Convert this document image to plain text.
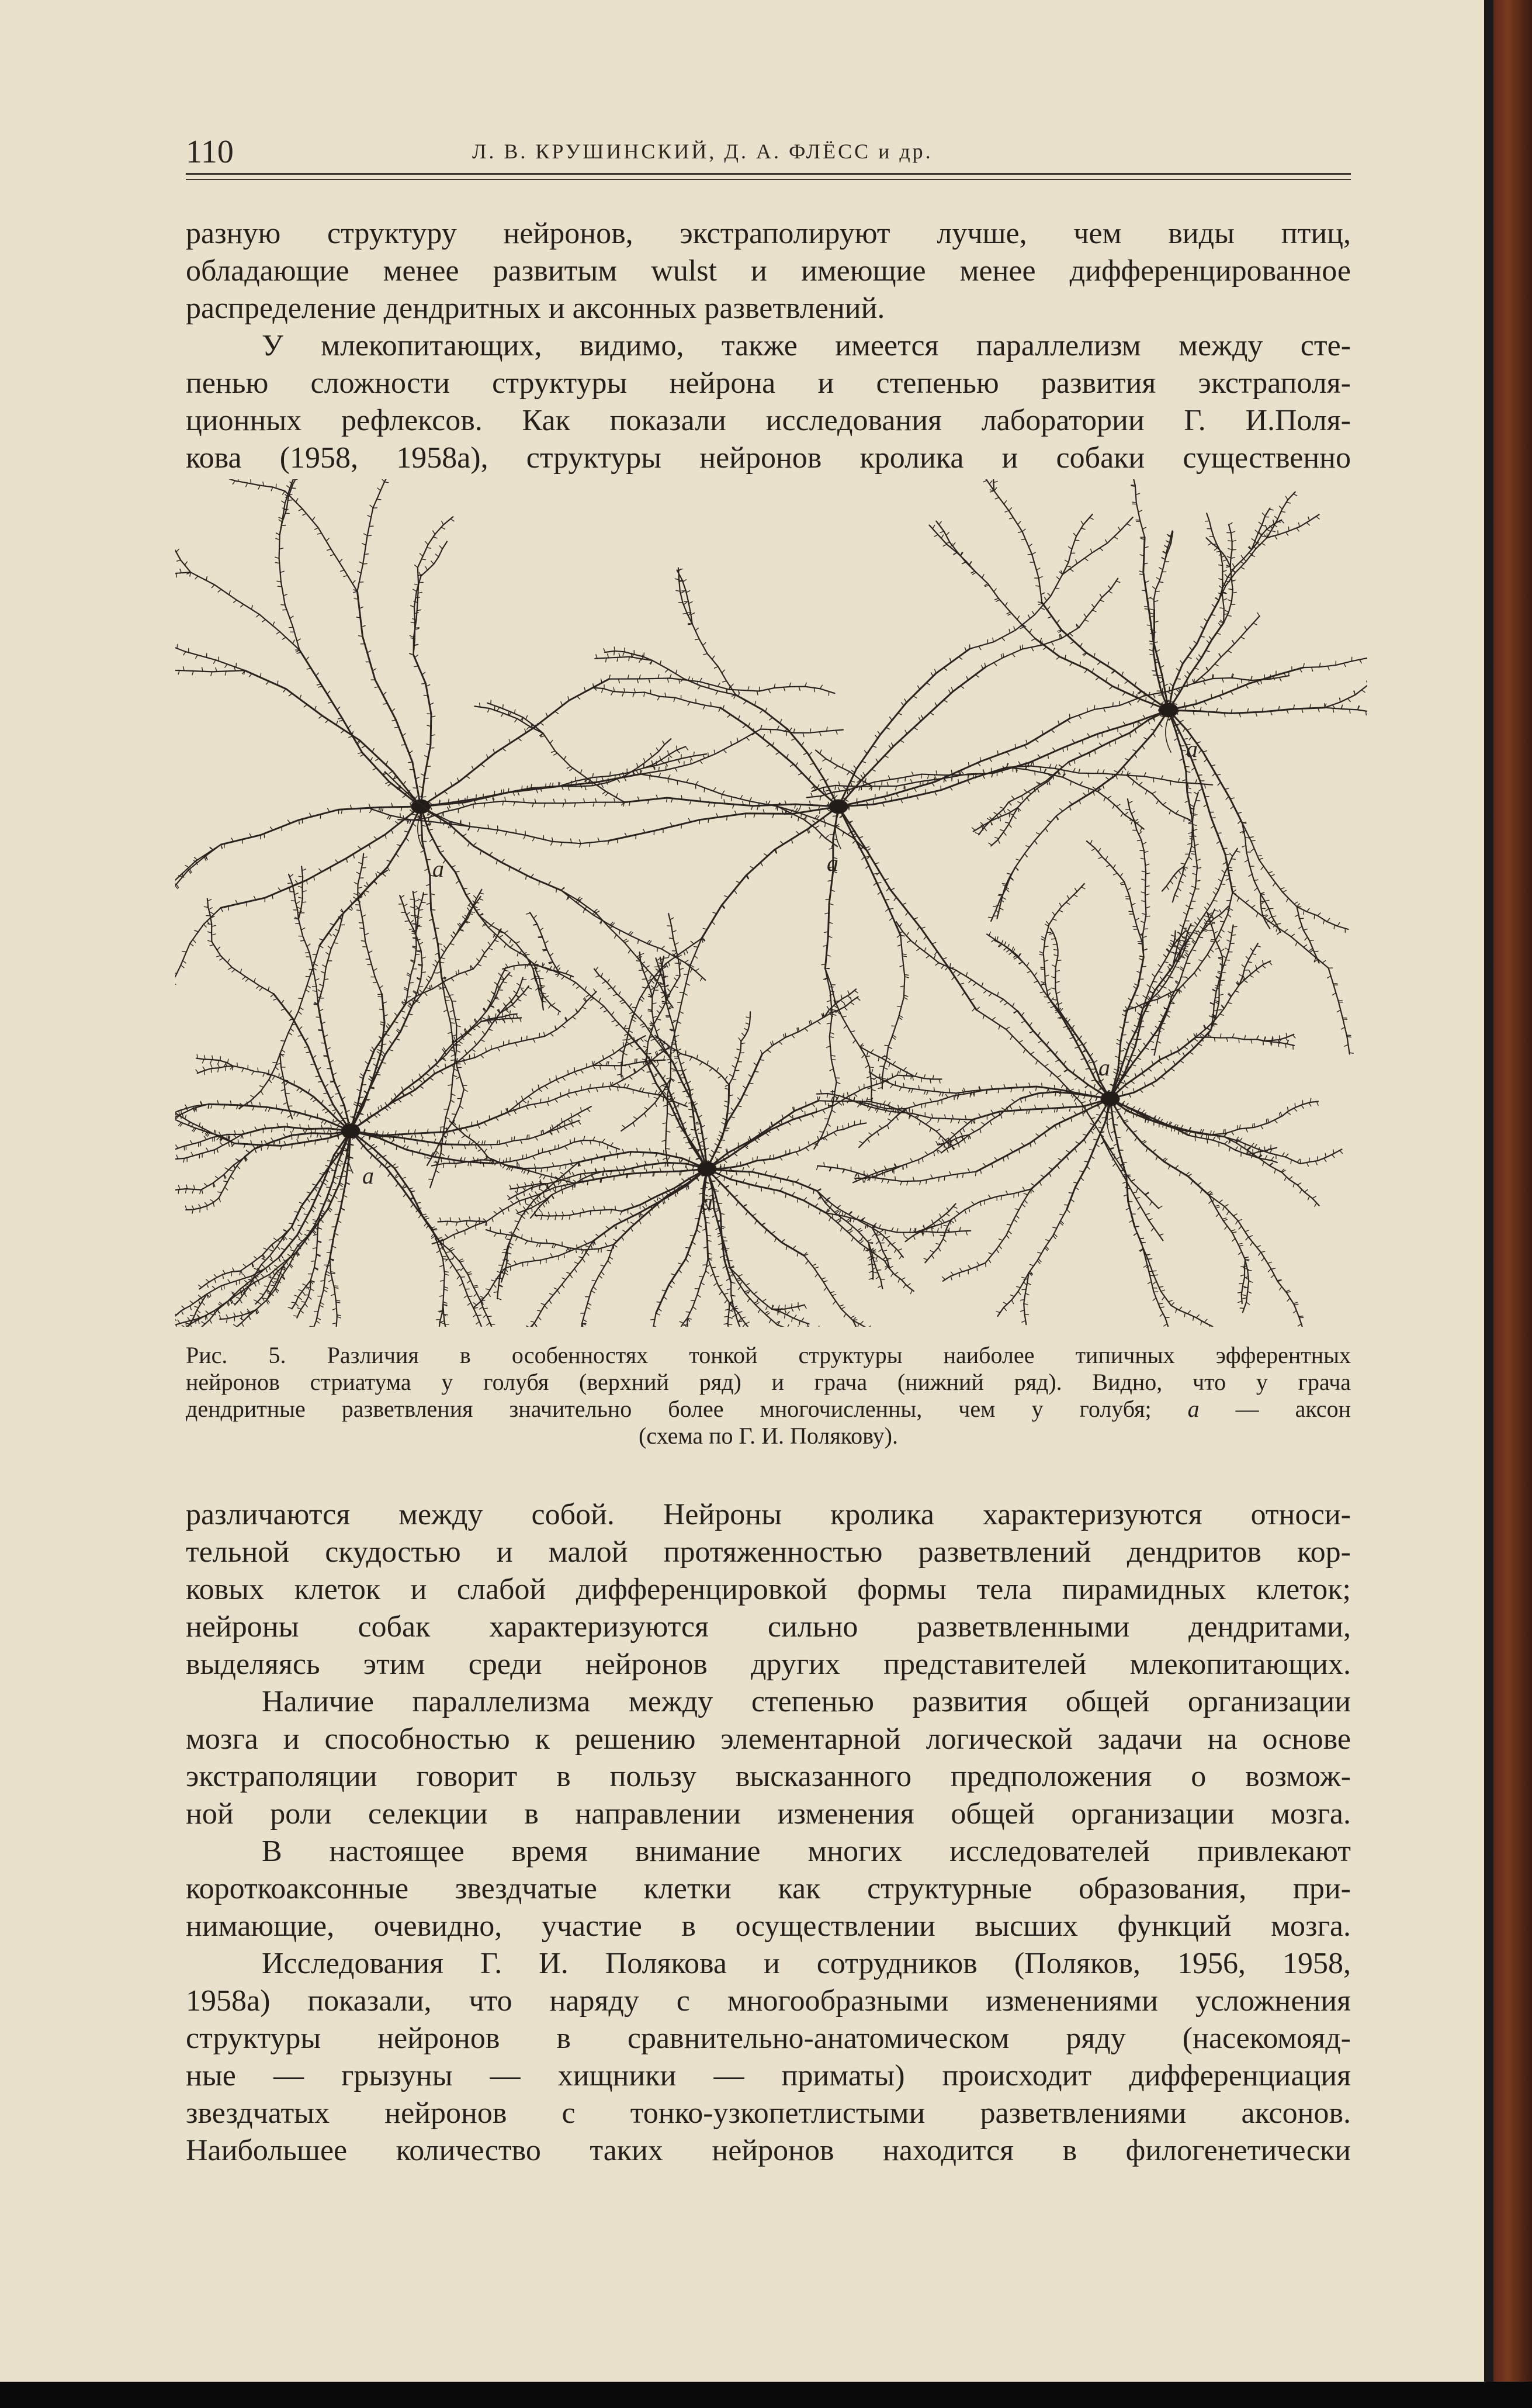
110	Л. В. КРУШИНСКИЙ, Д. А. ФЛЁСС и др.

разную структуру нейронов, экстраполируют лучше, чем виды птиц,

обладающие менее развитым wulst и имеющие менее дифференцированное

распределение дендритных и аксонных разветвлений.

У млекопитающих, видимо, также имеется параллелизм между сте-

пенью сложности структуры нейрона и степенью развития экстраполя-

ционных рефлексов. Как показали исследования лаборатории Г. И.Поля-

кова (1958, 1958а), структуры нейронов кролика и собаки существенно

a	a
a
a
a
a
Рис. 5. Различия в особенностях тонкой структуры наиболее типичных эфферентных
нейронов стриатума у голубя (верхний ряд) и грача (нижний ряд). Видно, что у грача
дендритные разветвления значительно более многочисленны, чем у голубя; а — аксон
(схема по Г. И. Полякову).

различаются между собой. Нейроны кролика характеризуются относи-

тельной скудостью и малой протяженностью разветвлений дендритов кор-

ковых клеток и слабой дифференцировкой формы тела пирамидных клеток;

нейроны собак характеризуются сильно разветвленными дендритами,

выделяясь этим среди нейронов других представителей млекопитающих.

Наличие параллелизма между степенью развития общей организации

мозга и способностью к решению элементарной логической задачи на основе

экстраполяции говорит в пользу высказанного предположения о возмож-

ной роли селекции в направлении изменения общей организации мозга.

В настоящее время внимание многих исследователей привлекают

короткоаксонные звездчатые клетки как структурные образования, при-

нимающие, очевидно, участие в осуществлении высших функций мозга.

Исследования Г. И. Полякова и сотрудников (Поляков, 1956, 1958,

1958а) показали, что наряду с многообразными изменениями усложнения

структуры нейронов в сравнительно-анатомическом ряду (насекомояд-

ные — грызуны — хищники — приматы) происходит дифференциация

звездчатых нейронов с тонко-узкопетлистыми разветвлениями аксонов.

Наибольшее количество таких нейронов находится в филогенетически
